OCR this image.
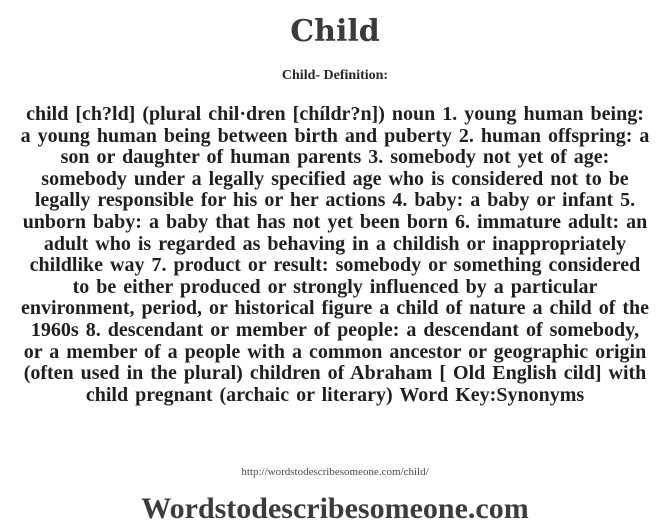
Child
Child- Definition:

child [ch?ld] (plural chil·dren [chíldr?n]) noun 1. young human being: a young human being between birth and puberty 2. human offspring: a son or daughter of human parents 3. somebody not yet of age: somebody under a legally specified age who is considered not to be legally responsible for his or her actions 4. baby: a baby or infant 5. unborn baby: a baby that has not yet been born 6. immature adult: an adult who is regarded as behaving in a childish or inappropriately childlike way 7. product or result: somebody or something considered to be either produced or strongly influenced by a particular environment, period, or historical figure a child of nature a child of the 1960s 8. descendant or member of people: a descendant of somebody, or a member of a people with a common ancestor or geographic origin (often used in the plural) children of Abraham [ Old English cild] with child pregnant (archaic or literary) Word Key:Synonyms

http://wordstodescribesomeone.com/child/
Wordstodescribesomeone.com
